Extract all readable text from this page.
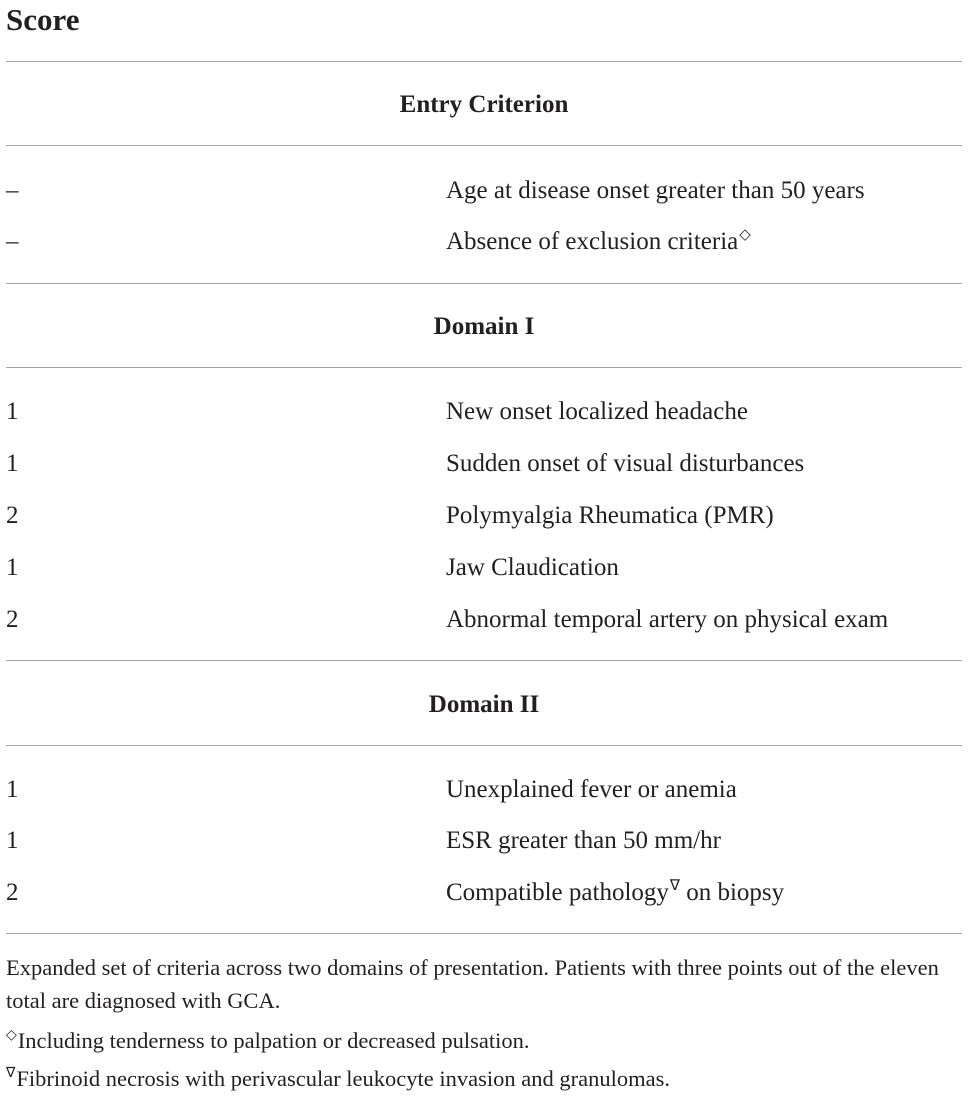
Score
Entry Criterion
–	Age at disease onset greater than 50 years
–	Absence of exclusion criteria◇
Domain I
1	New onset localized headache
1	Sudden onset of visual disturbances
2	Polymyalgia Rheumatica (PMR)
1	Jaw Claudication
2	Abnormal temporal artery on physical exam
Domain II
1	Unexplained fever or anemia
1	ESR greater than 50 mm/hr
2	Compatible pathology∇ on biopsy
Expanded set of criteria across two domains of presentation. Patients with three points out of the eleven total are diagnosed with GCA.
◇Including tenderness to palpation or decreased pulsation.
∇Fibrinoid necrosis with perivascular leukocyte invasion and granulomas.
